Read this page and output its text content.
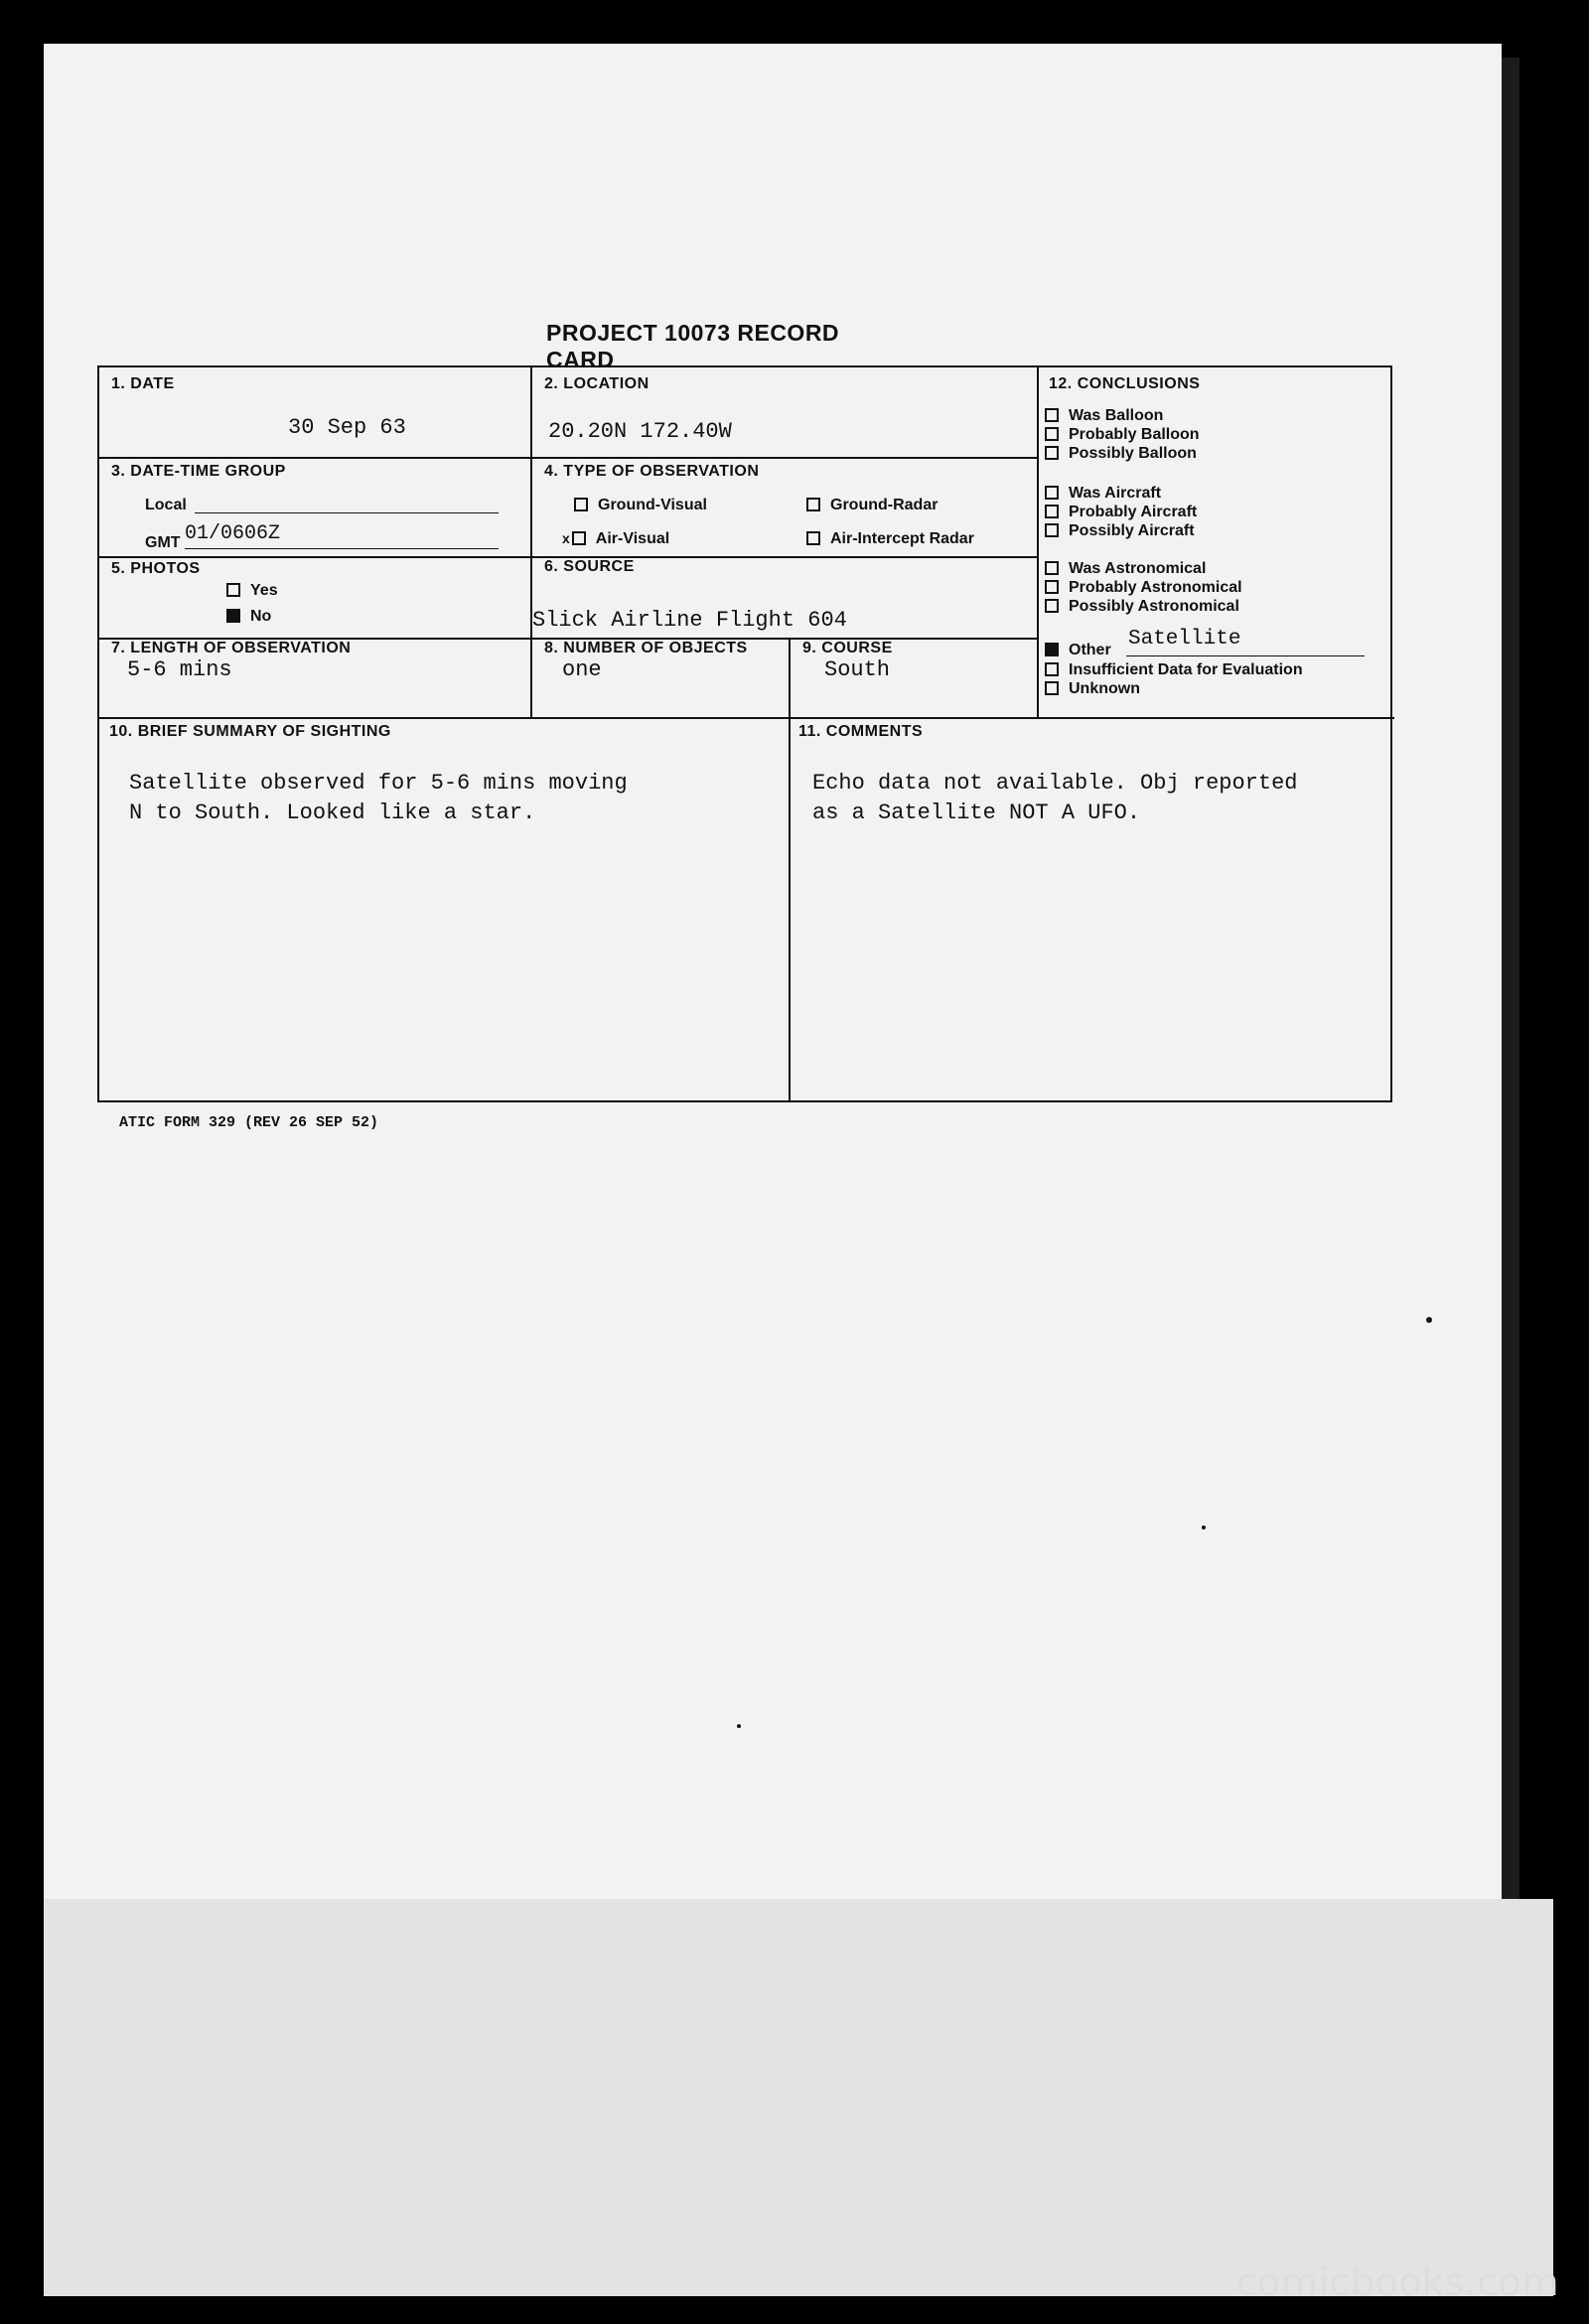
PROJECT 10073 RECORD CARD
1. DATE
30 Sep 63
2. LOCATION
20.20N 172.40W
3. DATE-TIME GROUP
Local
GMT 01/0606Z
4. TYPE OF OBSERVATION
Ground-Visual	Ground-Radar
x Air-Visual	Air-Intercept Radar
5. PHOTOS
Yes
No
6. SOURCE
Slick Airline Flight 604
7. LENGTH OF OBSERVATION
5-6 mins
8. NUMBER OF OBJECTS
one
9. COURSE
South
10. BRIEF SUMMARY OF SIGHTING
Satellite observed for 5-6 mins moving
N to South. Looked like a star.
11. COMMENTS
Echo data not available. Obj reported
as a Satellite NOT A UFO.
12. CONCLUSIONS
Was Balloon
Probably Balloon
Possibly Balloon
Was Aircraft
Probably Aircraft
Possibly Aircraft
Was Astronomical
Probably Astronomical
Possibly Astronomical
Other Satellite
Insufficient Data for Evaluation
Unknown
ATIC FORM 329 (REV 26 SEP 52)
comicbooks.com
